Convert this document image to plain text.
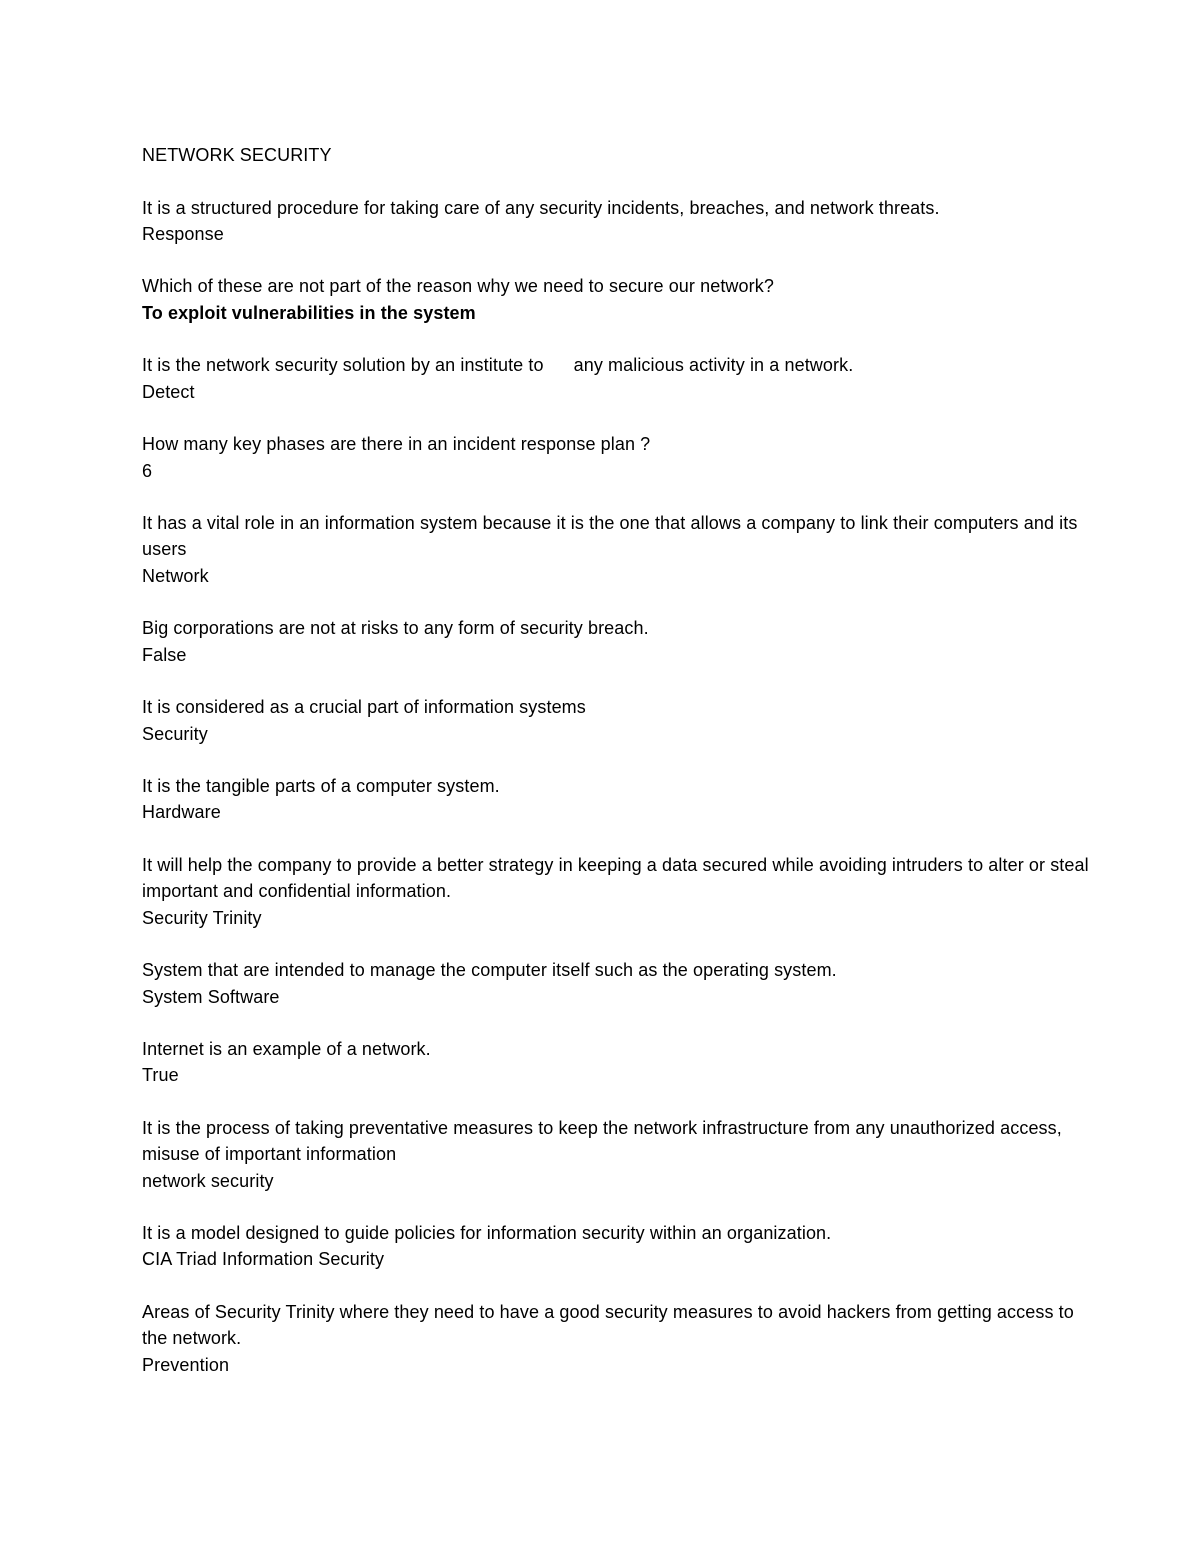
NETWORK SECURITY
It is a structured procedure for taking care of any security incidents, breaches, and network threats.
Response
Which of these are not part of the reason why we need to secure our network?
To exploit vulnerabilities in the system
It is the network security solution by an institute to any malicious activity in a network.
Detect
How many key phases are there in an incident response plan ?
6
It has a vital role in an information system because it is the one that allows a company to link their computers and its users
Network
Big corporations are not at risks to any form of security breach.
False
It is considered as a crucial part of information systems
Security
It is the tangible parts of a computer system.
Hardware
It will help the company to provide a better strategy in keeping a data secured while avoiding intruders to alter or steal important and confidential information.
Security Trinity
System that are intended to manage the computer itself such as the operating system.
System Software
Internet is an example of a network.
True
It is the process of taking preventative measures to keep the network infrastructure from any unauthorized access, misuse of important information
network security
It is a model designed to guide policies for information security within an organization.
CIA Triad Information Security
Areas of Security Trinity where they need to have a good security measures to avoid hackers from getting access to the network.
Prevention
